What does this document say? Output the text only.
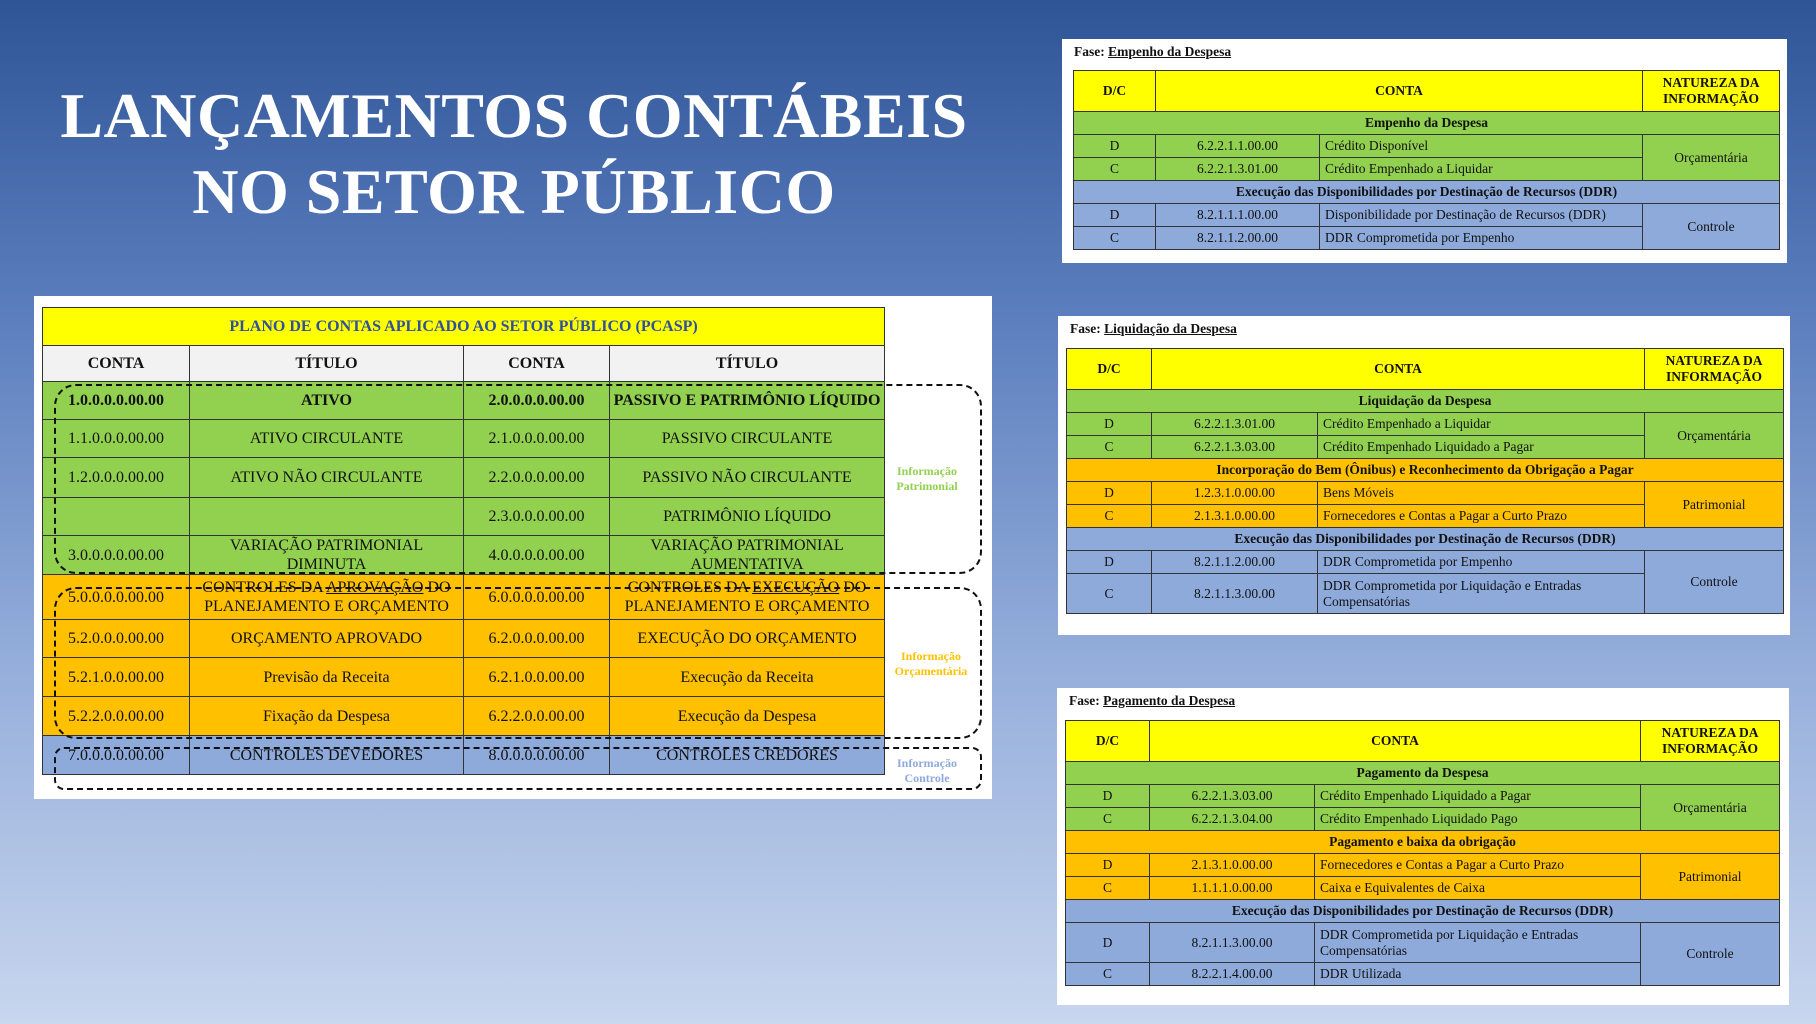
LANÇAMENTOS CONTÁBEIS
NO SETOR PÚBLICO
PLANO DE CONTAS APLICADO AO SETOR PÚBLICO (PCASP)			
CONTA	TÍTULO	CONTA	TÍTULO
1.0.0.0.0.00.00	ATIVO	2.0.0.0.0.00.00	PASSIVO E PATRIMÔNIO LÍQUIDO
1.1.0.0.0.00.00	ATIVO CIRCULANTE	2.1.0.0.0.00.00	PASSIVO CIRCULANTE
1.2.0.0.0.00.00	ATIVO NÃO CIRCULANTE	2.2.0.0.0.00.00	PASSIVO NÃO CIRCULANTE
		2.3.0.0.0.00.00	PATRIMÔNIO LÍQUIDO
3.0.0.0.0.00.00	VARIAÇÃO PATRIMONIAL DIMINUTA	4.0.0.0.0.00.00	VARIAÇÃO PATRIMONIAL AUMENTATIVA
5.0.0.0.0.00.00	CONTROLES DA APROVAÇÃO DO PLANEJAMENTO E ORÇAMENTO	6.0.0.0.0.00.00	CONTROLES DA EXECUÇÃO DO PLANEJAMENTO E ORÇAMENTO
5.2.0.0.0.00.00	ORÇAMENTO APROVADO	6.2.0.0.0.00.00	EXECUÇÃO DO ORÇAMENTO
5.2.1.0.0.00.00	Previsão da Receita	6.2.1.0.0.00.00	Execução da Receita
5.2.2.0.0.00.00	Fixação da Despesa	6.2.2.0.0.00.00	Execução da Despesa
7.0.0.0.0.00.00	CONTROLES DEVEDORES	8.0.0.0.0.00.00	CONTROLES CREDORES
Informação Patrimonial
Informação Orçamentária
Informação Controle
Fase: Empenho da Despesa
D/C	CONTA		NATUREZA DA INFORMAÇÃO
Empenho da Despesa			
D	6.2.2.1.1.00.00	Crédito Disponível	Orçamentária
C	6.2.2.1.3.01.00	Crédito Empenhado a Liquidar	
Execução das Disponibilidades por Destinação de Recursos (DDR)			
D	8.2.1.1.1.00.00	Disponibilidade por Destinação de Recursos (DDR)	Controle
C	8.2.1.1.2.00.00	DDR Comprometida por Empenho	
Fase: Liquidação da Despesa
D/C	CONTA		NATUREZA DA INFORMAÇÃO
Liquidação da Despesa			
D	6.2.2.1.3.01.00	Crédito Empenhado a Liquidar	Orçamentária
C	6.2.2.1.3.03.00	Crédito Empenhado Liquidado a Pagar	
Incorporação do Bem (Ônibus) e Reconhecimento da Obrigação a Pagar			
D	1.2.3.1.0.00.00	Bens Móveis	Patrimonial
C	2.1.3.1.0.00.00	Fornecedores e Contas a Pagar a Curto Prazo	
Execução das Disponibilidades por Destinação de Recursos (DDR)			
D	8.2.1.1.2.00.00	DDR Comprometida por Empenho	Controle
C	8.2.1.1.3.00.00	DDR Comprometida por Liquidação e Entradas Compensatórias	
Fase: Pagamento da Despesa
D/C	CONTA		NATUREZA DA INFORMAÇÃO
Pagamento da Despesa			
D	6.2.2.1.3.03.00	Crédito Empenhado Liquidado a Pagar	Orçamentária
C	6.2.2.1.3.04.00	Crédito Empenhado Liquidado Pago	
Pagamento e baixa da obrigação			
D	2.1.3.1.0.00.00	Fornecedores e Contas a Pagar a Curto Prazo	Patrimonial
C	1.1.1.1.0.00.00	Caixa e Equivalentes de Caixa	
Execução das Disponibilidades por Destinação de Recursos (DDR)			
D	8.2.1.1.3.00.00	DDR Comprometida por Liquidação e Entradas Compensatórias	Controle
C	8.2.2.1.4.00.00	DDR Utilizada	
